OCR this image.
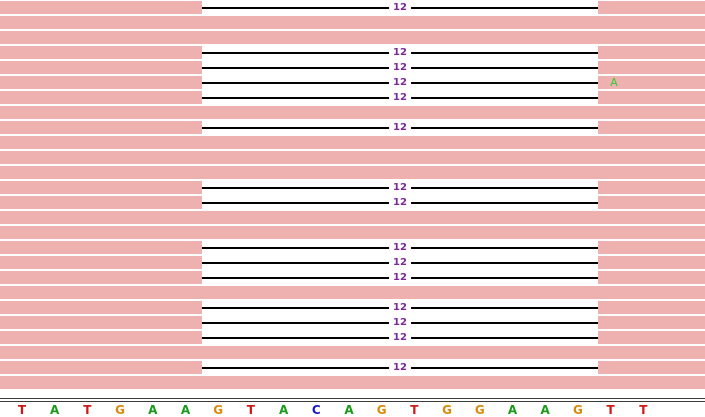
12
12
12
12	A
12
12
12
12
12
12
12
12
12
12
12
T A T G A A G T A C A G T G G A A G T T
